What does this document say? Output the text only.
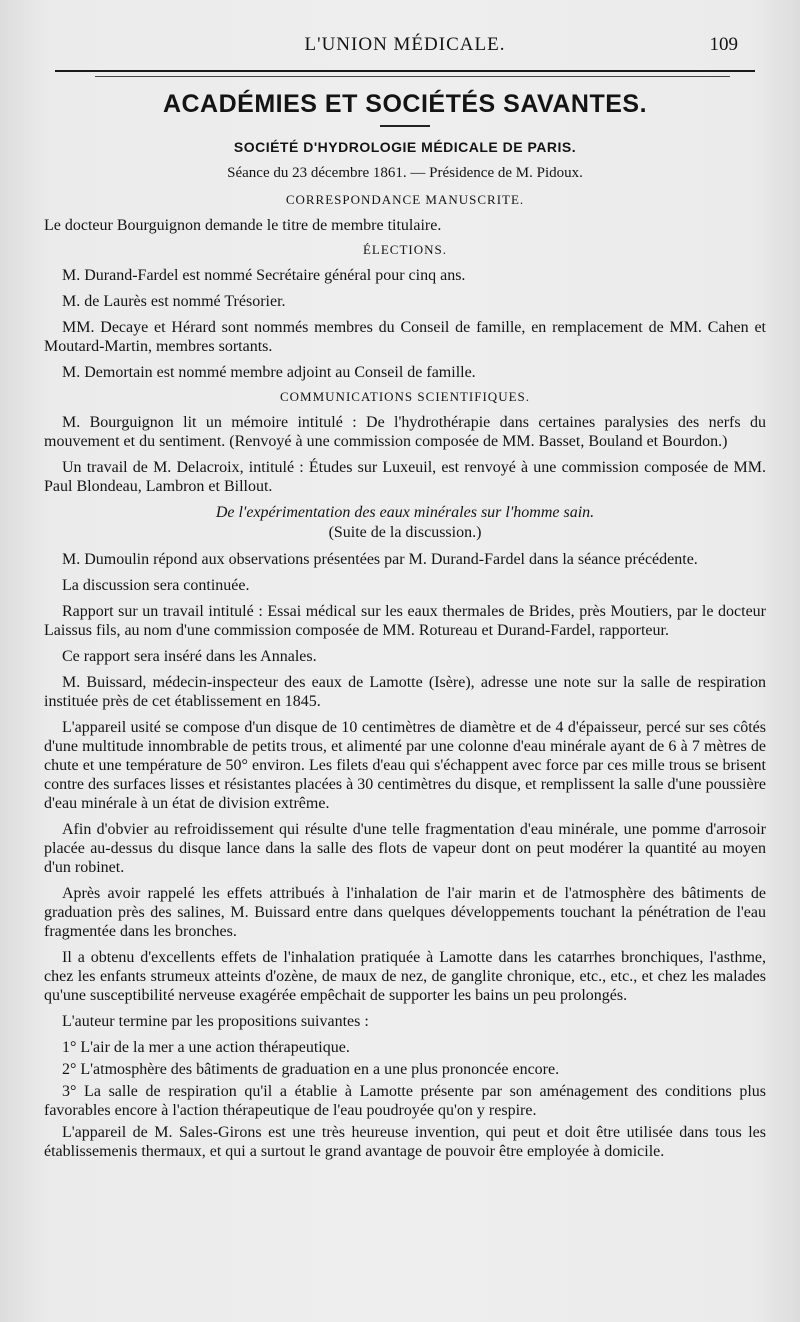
L'UNION MÉDICALE.	109
ACADÉMIES ET SOCIÉTÉS SAVANTES.
SOCIÉTÉ D'HYDROLOGIE MÉDICALE DE PARIS.
Séance du 23 décembre 1861. — Présidence de M. Pidoux.
CORRESPONDANCE MANUSCRITE.

Le docteur Bourguignon demande le titre de membre titulaire.

ÉLECTIONS.

M. Durand-Fardel est nommé Secrétaire général pour cinq ans.

M. de Laurès est nommé Trésorier.

MM. Decaye et Hérard sont nommés membres du Conseil de famille, en remplacement de MM. Cahen et Moutard-Martin, membres sortants.

M. Demortain est nommé membre adjoint au Conseil de famille.

COMMUNICATIONS SCIENTIFIQUES.

M. Bourguignon lit un mémoire intitulé : De l'hydrothérapie dans certaines paralysies des nerfs du mouvement et du sentiment. (Renvoyé à une commission composée de MM. Basset, Bouland et Bourdon.)

Un travail de M. Delacroix, intitulé : Études sur Luxeuil, est renvoyé à une commission composée de MM. Paul Blondeau, Lambron et Billout.

De l'expérimentation des eaux minérales sur l'homme sain.
(Suite de la discussion.)

M. Dumoulin répond aux observations présentées par M. Durand-Fardel dans la séance précédente.

La discussion sera continuée.

Rapport sur un travail intitulé : Essai médical sur les eaux thermales de Brides, près Moutiers, par le docteur Laissus fils, au nom d'une commission composée de MM. Rotureau et Durand-Fardel, rapporteur.

Ce rapport sera inséré dans les Annales.

M. Buissard, médecin-inspecteur des eaux de Lamotte (Isère), adresse une note sur la salle de respiration instituée près de cet établissement en 1845.

L'appareil usité se compose d'un disque de 10 centimètres de diamètre et de 4 d'épaisseur, percé sur ses côtés d'une multitude innombrable de petits trous, et alimenté par une colonne d'eau minérale ayant de 6 à 7 mètres de chute et une température de 50° environ. Les filets d'eau qui s'échappent avec force par ces mille trous se brisent contre des surfaces lisses et résistantes placées à 30 centimètres du disque, et remplissent la salle d'une poussière d'eau minérale à un état de division extrême.

Afin d'obvier au refroidissement qui résulte d'une telle fragmentation d'eau minérale, une pomme d'arrosoir placée au-dessus du disque lance dans la salle des flots de vapeur dont on peut modérer la quantité au moyen d'un robinet.

Après avoir rappelé les effets attribués à l'inhalation de l'air marin et de l'atmosphère des bâtiments de graduation près des salines, M. Buissard entre dans quelques développements touchant la pénétration de l'eau fragmentée dans les bronches.

Il a obtenu d'excellents effets de l'inhalation pratiquée à Lamotte dans les catarrhes bronchiques, l'asthme, chez les enfants strumeux atteints d'ozène, de maux de nez, de ganglite chronique, etc., etc., et chez les malades qu'une susceptibilité nerveuse exagérée empêchait de supporter les bains un peu prolongés.

L'auteur termine par les propositions suivantes :

1° L'air de la mer a une action thérapeutique.

2° L'atmosphère des bâtiments de graduation en a une plus prononcée encore.

3° La salle de respiration qu'il a établie à Lamotte présente par son aménagement des conditions plus favorables encore à l'action thérapeutique de l'eau poudroyée qu'on y respire.

L'appareil de M. Sales-Girons est une très heureuse invention, qui peut et doit être utilisée dans tous les établissemenis thermaux, et qui a surtout le grand avantage de pouvoir être employée à domicile.
